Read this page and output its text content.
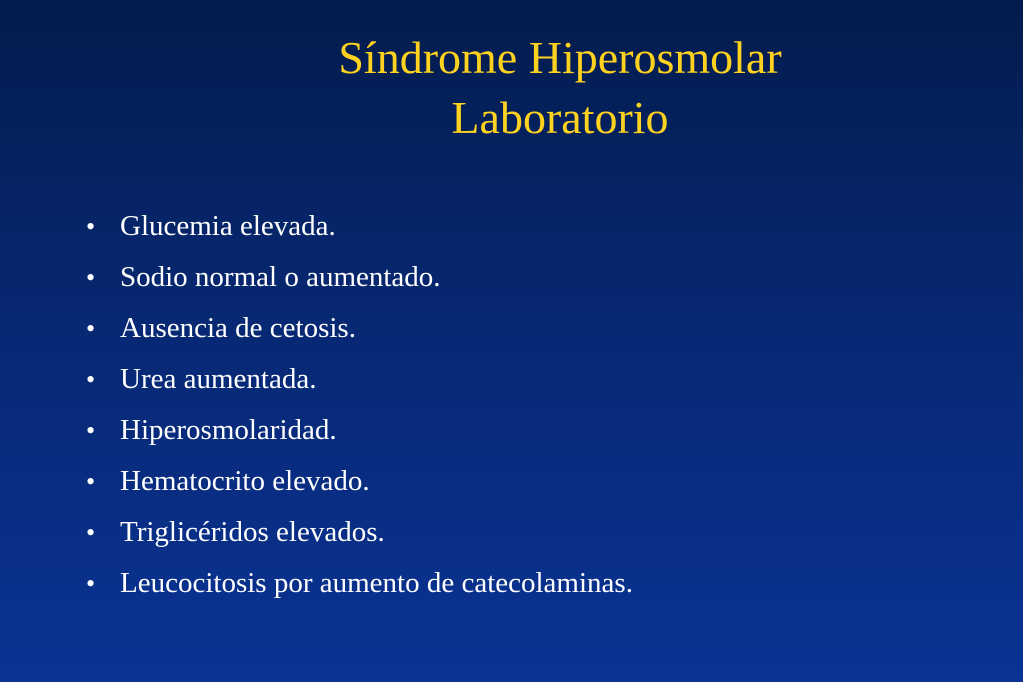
Síndrome Hiperosmolar
Laboratorio
• Glucemia elevada.
• Sodio normal o aumentado.
• Ausencia de cetosis.
• Urea aumentada.
• Hiperosmolaridad.
• Hematocrito elevado.
• Triglicéridos elevados.
• Leucocitosis por aumento de catecolaminas.
